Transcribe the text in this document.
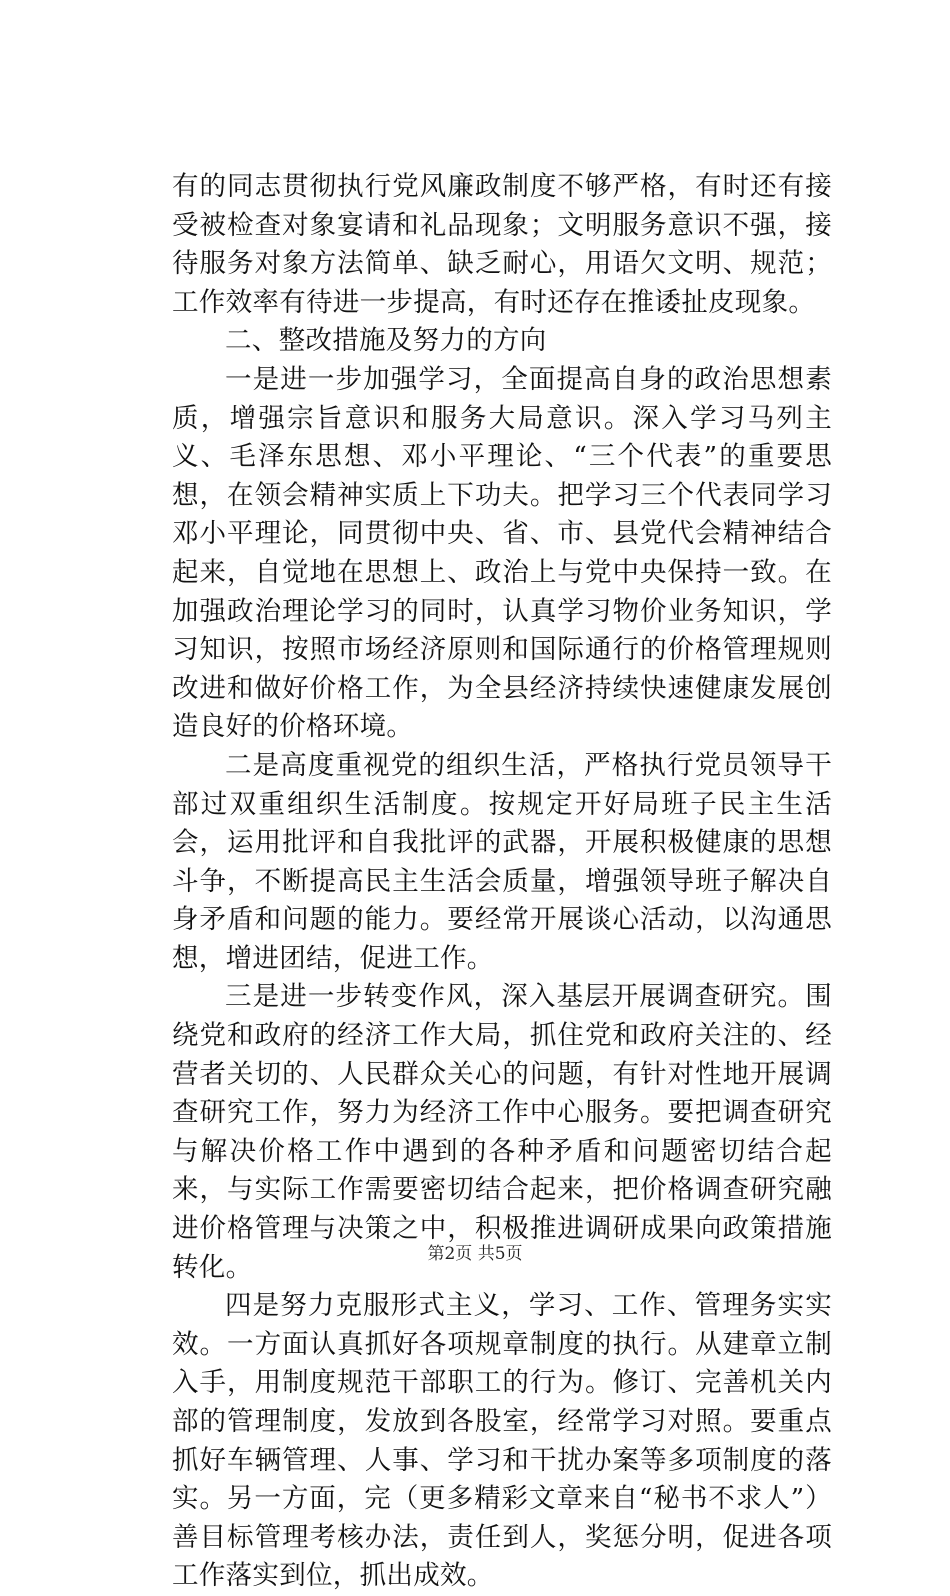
有的同志贯彻执行党风廉政制度不够严格，有时还有接受被检查对象宴请和礼品现象；文明服务意识不强，接待服务对象方法简单、缺乏耐心，用语欠文明、规范；工作效率有待进一步提高，有时还存在推诿扯皮现象。

二、整改措施及努力的方向

一是进一步加强学习，全面提高自身的政治思想素质，增强宗旨意识和服务大局意识。深入学习马列主义、毛泽东思想、邓小平理论、“三个代表”的重要思想，在领会精神实质上下功夫。把学习三个代表同学习邓小平理论，同贯彻中央、省、市、县党代会精神结合起来，自觉地在思想上、政治上与党中央保持一致。在加强政治理论学习的同时，认真学习物价业务知识，学习知识，按照市场经济原则和国际通行的价格管理规则改进和做好价格工作，为全县经济持续快速健康发展创造良好的价格环境。

二是高度重视党的组织生活，严格执行党员领导干部过双重组织生活制度。按规定开好局班子民主生活会，运用批评和自我批评的武器，开展积极健康的思想斗争，不断提高民主生活会质量，增强领导班子解决自身矛盾和问题的能力。要经常开展谈心活动，以沟通思想，增进团结，促进工作。

三是进一步转变作风，深入基层开展调查研究。围绕党和政府的经济工作大局，抓住党和政府关注的、经营者关切的、人民群众关心的问题，有针对性地开展调查研究工作，努力为经济工作中心服务。要把调查研究与解决价格工作中遇到的各种矛盾和问题密切结合起来，与实际工作需要密切结合起来，把价格调查研究融进价格管理与决策之中，积极推进调研成果向政策措施转化。

四是努力克服形式主义，学习、工作、管理务实实效。一方面认真抓好各项规章制度的执行。从建章立制入手，用制度规范干部职工的行为。修订、完善机关内部的管理制度，发放到各股室，经常学习对照。要重点抓好车辆管理、人事、学习和干扰办案等多项制度的落实。另一方面，完（更多精彩文章来自“秘书不求人”）善目标管理考核办法，责任到人，奖惩分明，促进各项工作落实到位，抓出成效。

第2页 共5页
